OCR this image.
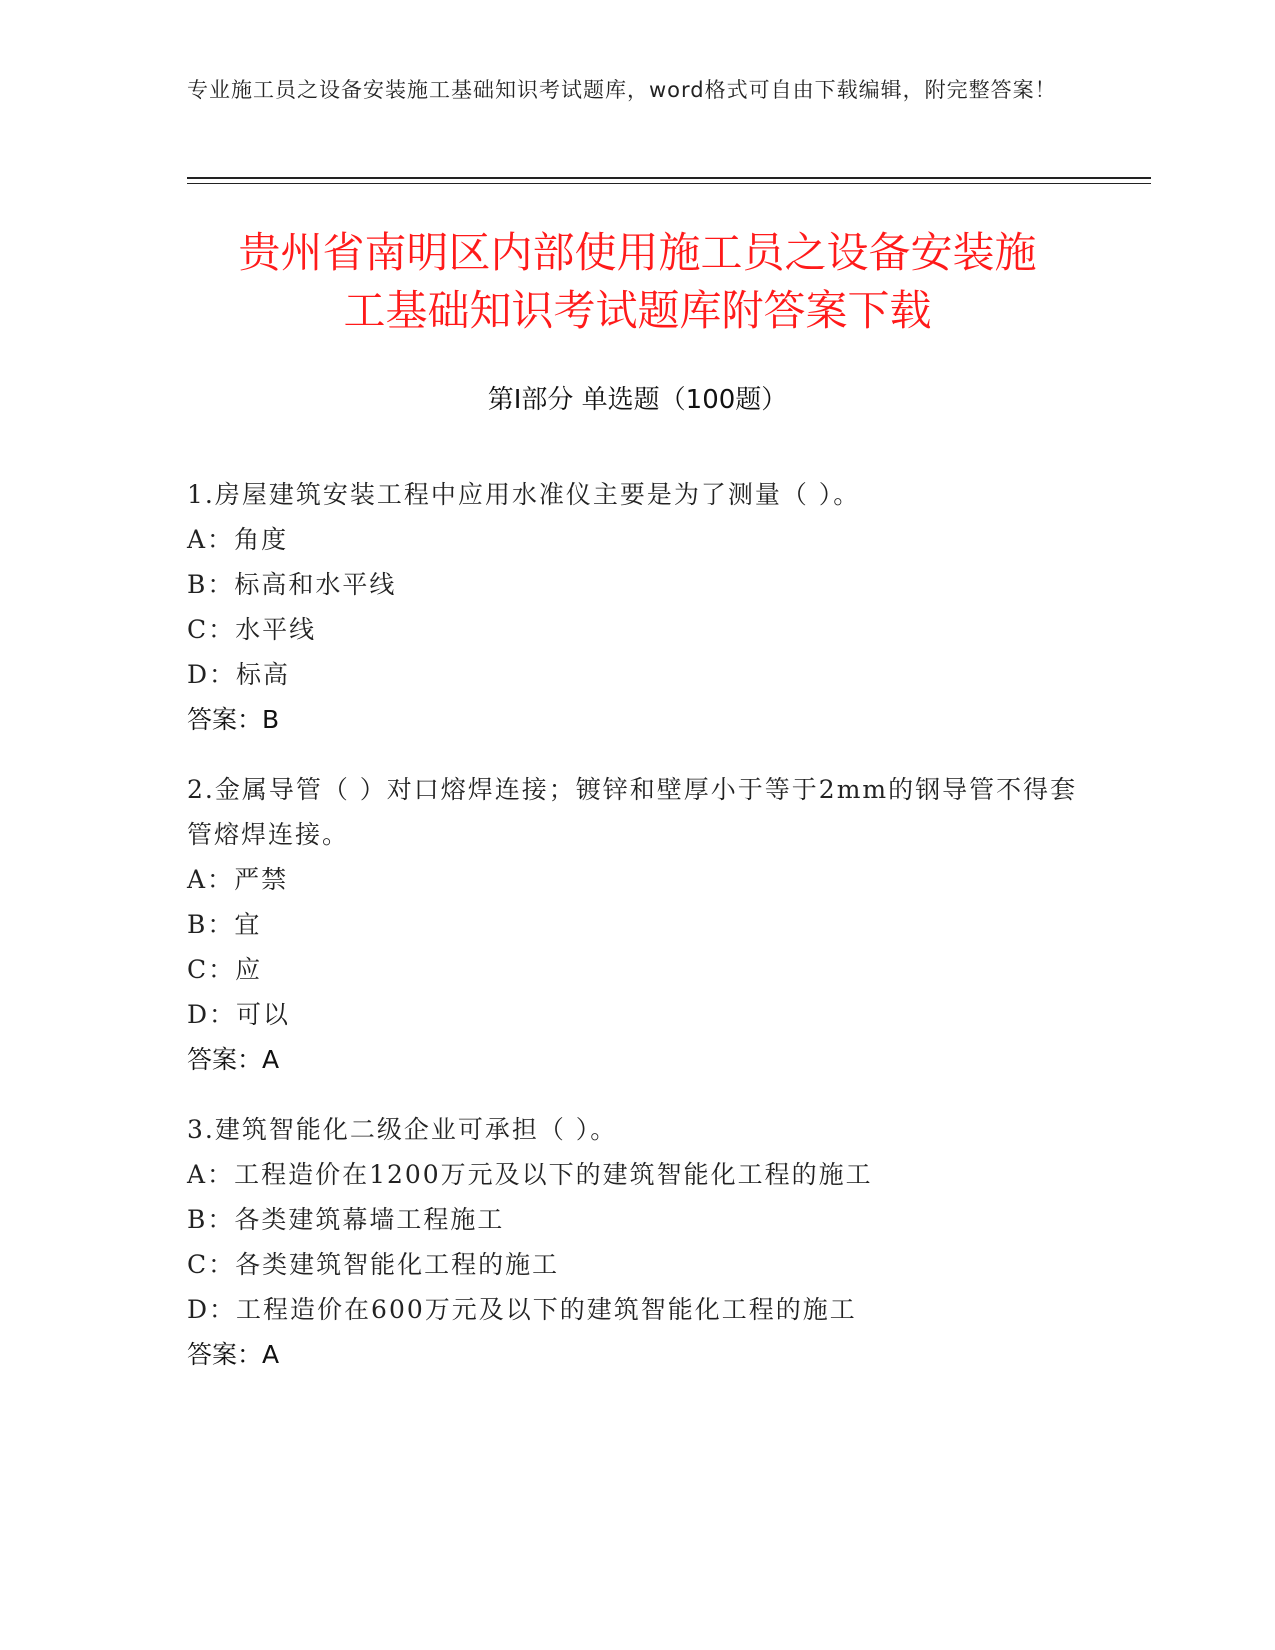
专业施工员之设备安装施工基础知识考试题库，word格式可自由下载编辑，附完整答案！
贵州省南明区内部使用施工员之设备安装施
工基础知识考试题库附答案下载
第Ⅰ部分 单选题（100题）

1.房屋建筑安装工程中应用水准仪主要是为了测量（ ）。

A：角度

B：标高和水平线

C：水平线

D：标高

答案：B

2.金属导管（ ）对口熔焊连接；镀锌和壁厚小于等于2mm的钢导管不得套管熔焊连接。

A：严禁

B：宜

C：应

D：可以

答案：A

3.建筑智能化二级企业可承担（ ）。

A：工程造价在1200万元及以下的建筑智能化工程的施工

B：各类建筑幕墙工程施工

C：各类建筑智能化工程的施工

D：工程造价在600万元及以下的建筑智能化工程的施工

答案：A
